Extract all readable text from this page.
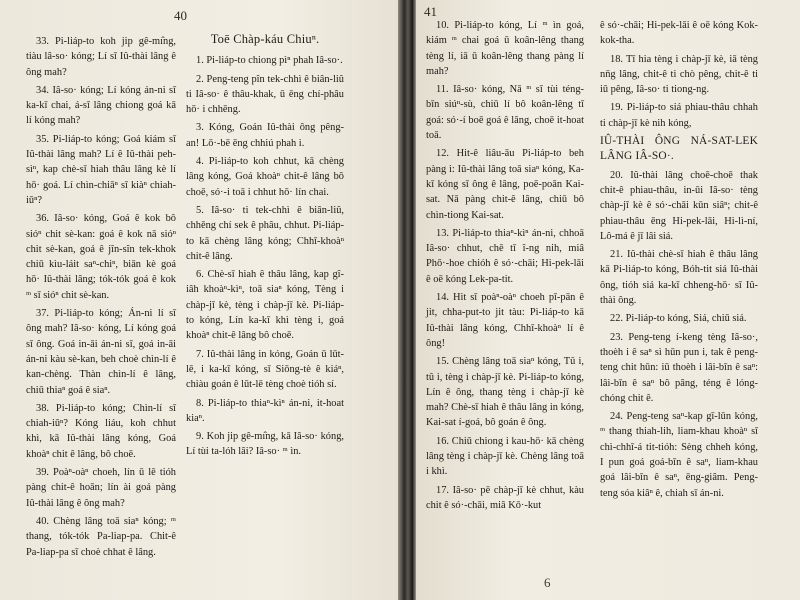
40

33. Pi-liáp-to koh jip gê-mı̂ng, tiàu lâ-so· kóng; Lí sī Iû-thài lâng ê ông mah?

34. Iâ-so· kóng; Lí kóng án-ni sī ka-kī chai, á-sī lâng chiong goá kā lí kóng mah?

35. Pi-liáp-to kóng; Goá kiám sī Iû-thài lâng mah? Lí ê Iû-thài peh-sìⁿ, kap chè-sī hiah thâu lâng kè lí hō· goá. Lí chìn-chiāⁿ sī kiàⁿ chiah-iūⁿ?

36. Iâ-so· kóng, Goá ê kok bô sióⁿ chit sè-kan: goá ê kok nā sióⁿ chit sè-kan, goá ê jîn-sîn tek-khok chiū kìu-láit saⁿ-chiⁿ, biān kè goá hō· Iû-thài lâng; tók-tók goá ê kok ᵐ sī sióⁿ chit sè-kan.

37. Pi-liáp-to kóng; Án-ni lí sī ông mah? Iâ-so· kóng, Lí kóng goá sī ông. Goá in-āi án-ni sī, goá in-āi án-ni kàu sè-kan, beh choè chìn-lí ê kan-chèng. Thàn chìn-lí ê lâng, chiū thiaⁿ goá ê siaⁿ.

38. Pi-liáp-to kóng; Chìn-lí sī chiah-iūⁿ? Kóng liáu, koh chhut khì, kā Iû-thài lâng kóng, Goá khoàⁿ chit ê lâng, bô choē.

39. Poàⁿ-oàⁿ choeh, lín ū lē tióh pàng chit-ê hoān; lín ài goá pàng Iû-thài lâng ê ông mah?

40. Chèng lâng toā siaⁿ kóng; ᵐ thang, tók-tók Pa-liap-pa. Chit-ê Pa-liap-pa sī choè chhat ê lâng.

Toē Chàp-káu Chiuⁿ.

1. Pi-liáp-to chiong pìⁿ phah Iâ-so·.

2. Peng-teng pîn tek-chhì ê biân-liû ti Iâ-so· ê thâu-khak, ū ēng chí-phâu hō· i chhēng.

3. Kóng, Goán Iû-thài ông pêng-an! Lō·-bē ēng chhiú phah i.

4. Pi-liáp-to koh chhut, kā chèng lâng kóng, Goá khoàⁿ chit-ê lâng bô choē, só·-i toā i chhut hō· lín chai.

5. Iâ-so· ti tek-chhì ê biân-liû, chhēng chí sek ê phâu, chhut. Pi-liáp-to kā chèng lâng kóng; Chhī-khoàⁿ chit-ê lâng.

6. Chè-sī hiah ê thâu lâng, kap gî-iâh khoàⁿ-kìⁿ, toā siaⁿ kóng, Tèng i chàp-jī kè, tèng i chàp-jī kè. Pi-liáp-to kóng, Lín ka-kī khì tèng i, goá khoàⁿ chit-ê lâng bô choē.

7. Iû-thài lâng in kóng, Goán ū lūt-lē, i ka-kī kóng, sī Siōng-tè ê kiáⁿ, chiàu goán ê lūt-lē tèng choè tióh sí.

8. Pi-liáp-to thiaⁿ-kìⁿ án-ni, it-hoat kiaⁿ.

9. Koh jip gê-mı̂ng, kā Iâ-so· kóng, Lí tùi ta-lóh lâi? Iâ-so· ᵐ ìn.

41

10. Pi-liáp-to kóng, Lí ᵐ ìn goá, kiám ᵐ chai goá ū koân-lêng thang tèng lí, iā ū koân-lêng thang pàng lí mah?

11. Iâ-so· kóng, Nā ᵐ sī tùi téng-bīn siúⁿ-sù, chiū lí bô koân-lêng tī goá: só·-í boē goá ê lâng, choē it-hoat toā.

12. Hit-ê liâu-āu Pi-liáp-to beh pàng i: Iû-thài lâng toā siaⁿ kóng, Ka-kī kóng sī ông ê lâng, poē-poān Kai-sat. Nā pàng chit-ê lâng, chiū bô chìn-tiong Kai-sat.

13. Pi-liáp-to thiaⁿ-kìⁿ án-ni, chhoā Iâ-so· chhut, chē tī î-ng nih, miâ Phō·-hoe chióh ê só·-chāi; Hi-pek-lāi ê oē kóng Lek-pa-tit.

14. Hit sī poàⁿ-oàⁿ choeh pī-pān ê jit, chha-put-to jit tàu: Pi-liáp-to kā Iû-thài lâng kóng, Chhī-khoàⁿ lí ê ông!

15. Chèng lâng toā siaⁿ kóng, Tû i, tû i, tèng i chàp-jī kè. Pi-liáp-to kóng, Lín ê ông, thang tèng i chàp-jī kè mah? Chè-sī hiah ê thâu lâng in kóng, Kai-sat í-goá, bô goán ê ông.

16. Chiū chiong i kau-hō· kā chèng lâng tèng i chàp-jī kè. Chèng lâng toā i khì.

17. Iâ-so· pē chàp-jī kè chhut, kàu chit ê só·-chāi, miâ Kō·-kut

ê só·-chāi; Hi-pek-lāi ê oē kóng Kok-kok-tha.

18. Tī hia tèng i chàp-jī kè, iā tèng nn̄g lâng, chit-ê ti chò pêng, chit-ê ti iū pêng, Iâ-so· ti tiong-ng.

19. Pi-liáp-to siá phiau-thâu chhah ti chàp-jī kè nih kóng,

IÛ-THÀI ÔNG NÁ-SAT-LEK LÂNG IÂ-SO·.

20. Iû-thài lâng choē-choē thak chit-ê phiau-thâu, in-ūi Iâ-so· tèng chàp-jī kè ê só·-chāi kūn siâⁿ; chit-ê phiau-thâu ēng Hi-pek-lāi, Hi-lì-ní, Lô-má ê jī lâi siá.

21. Iû-thài chè-sī hiah ê thâu lâng kā Pi-liáp-to kóng, Bóh-tit siá Iû-thài ông, tióh siá ka-kī chheng-hō· sī Iû-thài ông.

22. Pi-liáp-to kóng, Siá, chiū siá.

23. Peng-teng í-keng tèng Iâ-so·, thoèh i ê saⁿ sì hūn pun i, tak ê peng-teng chit hūn: iū thoèh i lâi-bīn ê saⁿ: lâi-bīn ê saⁿ bô pâng, téng ê lóng-chóng chit ê.

24. Peng-teng saⁿ-kap gī-lūn kóng, ᵐ thang thiah-lih, liam-khau khoàⁿ sī chì-chhī-á tit-tióh: Sèng chheh kóng, I pun goá goá-bīn ê saⁿ, liam-khau goá lâi-bīn ê saⁿ, ēng-giâm. Peng-teng sóa kiâⁿ ê, chiah sī án-ni.

6
